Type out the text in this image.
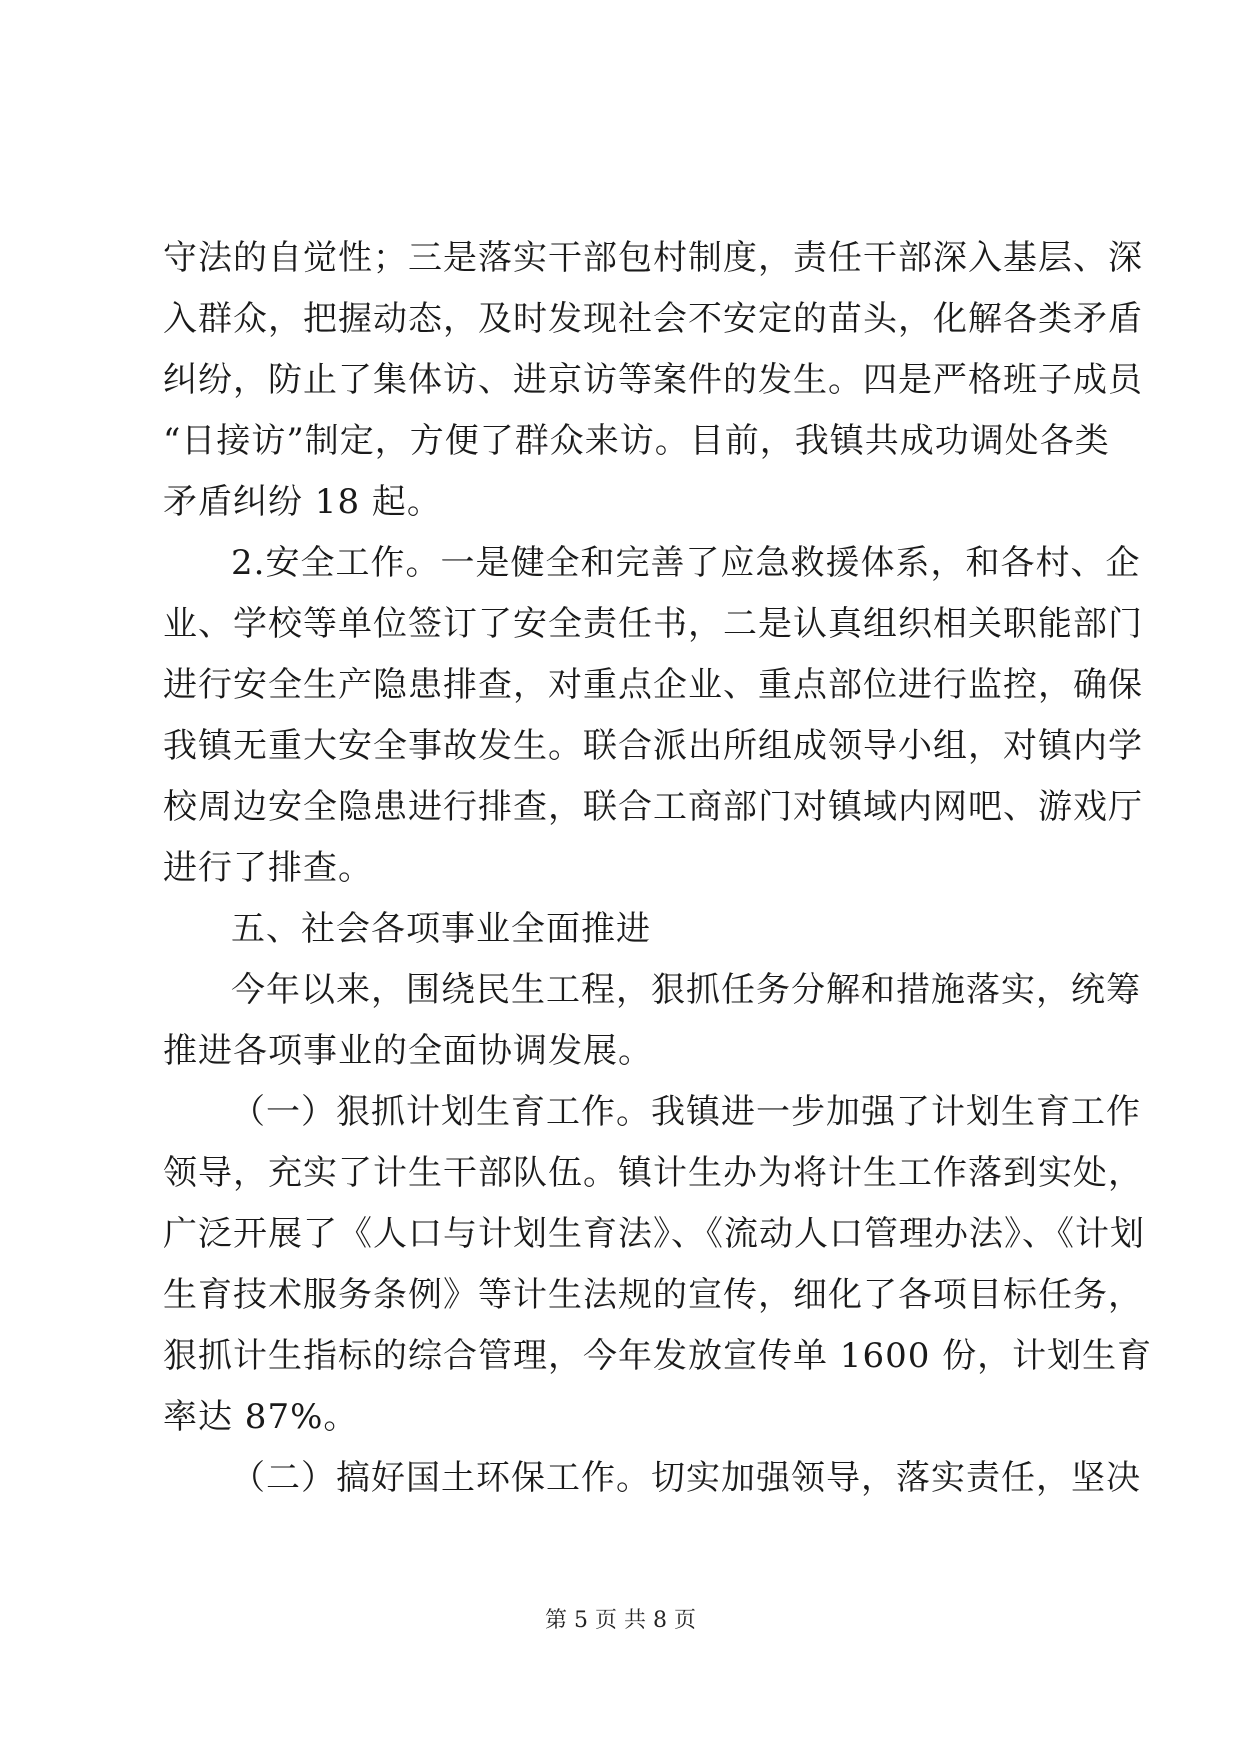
守法的自觉性；三是落实干部包村制度，责任干部深入基层、深
入群众，把握动态，及时发现社会不安定的苗头，化解各类矛盾
纠纷，防止了集体访、进京访等案件的发生。四是严格班子成员
“日接访”制定，方便了群众来访。目前，我镇共成功调处各类
矛盾纠纷 18 起。
2.安全工作。一是健全和完善了应急救援体系，和各村、企
业、学校等单位签订了安全责任书，二是认真组织相关职能部门
进行安全生产隐患排查，对重点企业、重点部位进行监控，确保
我镇无重大安全事故发生。联合派出所组成领导小组，对镇内学
校周边安全隐患进行排查，联合工商部门对镇域内网吧、游戏厅
进行了排查。
五、社会各项事业全面推进
今年以来，围绕民生工程，狠抓任务分解和措施落实，统筹
推进各项事业的全面协调发展。
（一）狠抓计划生育工作。我镇进一步加强了计划生育工作
领导，充实了计生干部队伍。镇计生办为将计生工作落到实处，
广泛开展了《人口与计划生育法》、《流动人口管理办法》、《计划
生育技术服务条例》等计生法规的宣传，细化了各项目标任务，
狠抓计生指标的综合管理，今年发放宣传单 1600 份，计划生育
率达 87%。
（二）搞好国土环保工作。切实加强领导，落实责任，坚决
第 5 页 共 8 页
